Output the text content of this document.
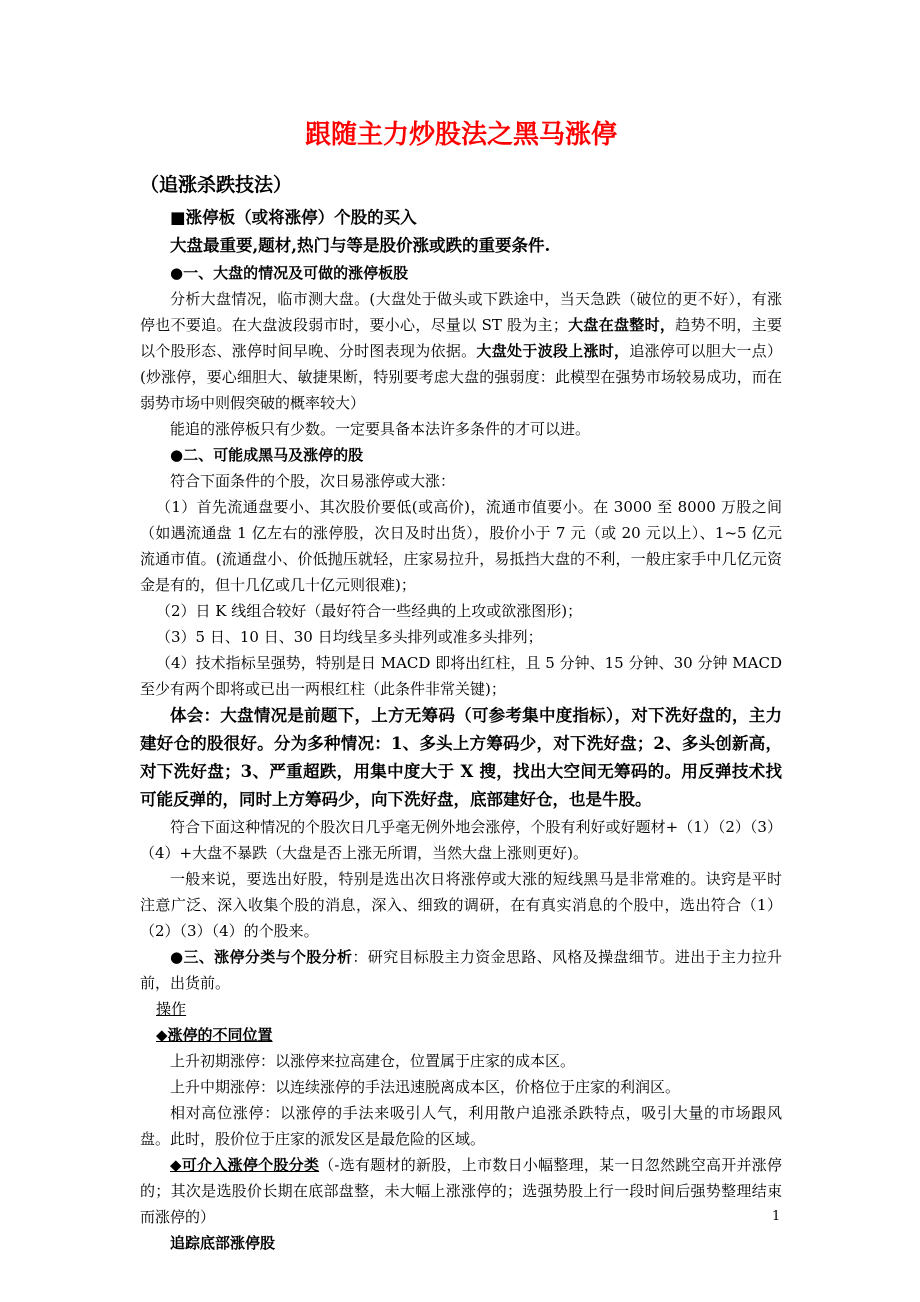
跟随主力炒股法之黑马涨停
（追涨杀跌技法）
■涨停板（或将涨停）个股的买入
大盘最重要,题材,热门与等是股价涨或跌的重要条件.
●一、大盘的情况及可做的涨停板股

分析大盘情况，临市测大盘。(大盘处于做头或下跌途中，当天急跌（破位的更不好），有涨停也不要追。在大盘波段弱市时，要小心，尽量以 ST 股为主；大盘在盘整时，趋势不明，主要以个股形态、涨停时间早晚、分时图表现为依据。大盘处于波段上涨时，追涨停可以胆大一点）(炒涨停，要心细胆大、敏捷果断，特别要考虑大盘的强弱度：此模型在强势市场较易成功，而在弱势市场中则假突破的概率较大）

能追的涨停板只有少数。一定要具备本法许多条件的才可以进。

●二、可能成黑马及涨停的股

符合下面条件的个股，次日易涨停或大涨：

（1）首先流通盘要小、其次股价要低(或高价)，流通市值要小。在 3000 至 8000 万股之间（如遇流通盘 1 亿左右的涨停股，次日及时出货），股价小于 7 元（或 20 元以上）、1~5 亿元流通市值。(流通盘小、价低抛压就轻，庄家易拉升，易抵挡大盘的不利，一般庄家手中几亿元资金是有的，但十几亿或几十亿元则很难)；

（2）日 K 线组合较好（最好符合一些经典的上攻或欲涨图形)；

（3）5 日、10 日、30 日均线呈多头排列或准多头排列；

（4）技术指标呈强势，特别是日 MACD 即将出红柱，且 5 分钟、15 分钟、30 分钟 MACD 至少有两个即将或已出一两根红柱（此条件非常关键)；

体会：大盘情况是前题下，上方无筹码（可参考集中度指标），对下洗好盘的，主力建好仓的股很好。分为多种情况：1、多头上方筹码少，对下洗好盘；2、多头创新高，对下洗好盘；3、严重超跌，用集中度大于 X 搜，找出大空间无筹码的。用反弹技术找可能反弹的，同时上方筹码少，向下洗好盘，底部建好仓，也是牛股。

符合下面这种情况的个股次日几乎毫无例外地会涨停，个股有利好或好题材+（1）（2）（3）（4）+大盘不暴跌（大盘是否上涨无所谓，当然大盘上涨则更好)。

一般来说，要选出好股，特别是选出次日将涨停或大涨的短线黑马是非常难的。诀窍是平时注意广泛、深入收集个股的消息，深入、细致的调研，在有真实消息的个股中，选出符合（1）（2）（3）（4）的个股来。

●三、涨停分类与个股分析：研究目标股主力资金思路、风格及操盘细节。进出于主力拉升前，出货前。

操作

◆涨停的不同位置

上升初期涨停：以涨停来拉高建仓，位置属于庄家的成本区。

上升中期涨停：以连续涨停的手法迅速脱离成本区，价格位于庄家的利润区。

相对高位涨停：以涨停的手法来吸引人气，利用散户追涨杀跌特点，吸引大量的市场跟风盘。此时，股价位于庄家的派发区是最危险的区域。

◆可介入涨停个股分类（-选有题材的新股，上市数日小幅整理，某一日忽然跳空高开并涨停的；其次是选股价长期在底部盘整，未大幅上涨涨停的；选强势股上行一段时间后强势整理结束而涨停的）

追踪底部涨停股
1
